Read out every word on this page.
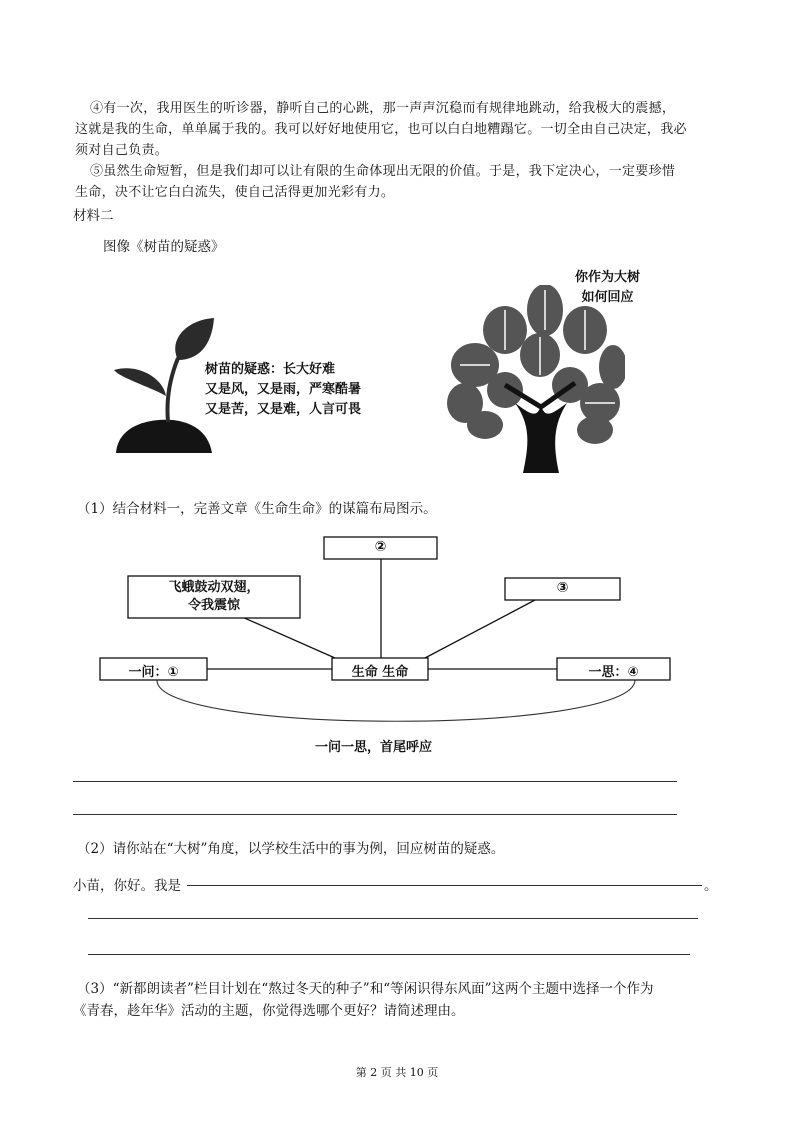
④有一次，我用医生的听诊器，静听自己的心跳，那一声声沉稳而有规律地跳动，给我极大的震撼，
这就是我的生命，单单属于我的。我可以好好地使用它，也可以白白地糟蹋它。一切全由自己决定，我必
须对自己负责。
⑤虽然生命短暂，但是我们却可以让有限的生命体现出无限的价值。于是，我下定决心，一定要珍惜
生命，决不让它白白流失，使自己活得更加光彩有力。
材料二
图像《树苗的疑惑》
树苗的疑惑：长大好难
又是风，又是雨，严寒酷暑
又是苦，又是难，人言可畏
你作为大树
如何回应
（1）结合材料一，完善文章《生命生命》的谋篇布局图示。
②
飞蛾鼓动双翅，
令我震惊
③
一问：①	生命 生命	一思：④
一问一思，首尾呼应
（2）请你站在“大树”角度，以学校生活中的事为例，回应树苗的疑惑。
小苗，你好。我是	。
（3）“新都朗读者”栏目计划在“熬过冬天的种子”和“等闲识得东风面”这两个主题中选择一个作为
《青春，趁年华》活动的主题，你觉得选哪个更好？请简述理由。
第 2 页 共 10 页
